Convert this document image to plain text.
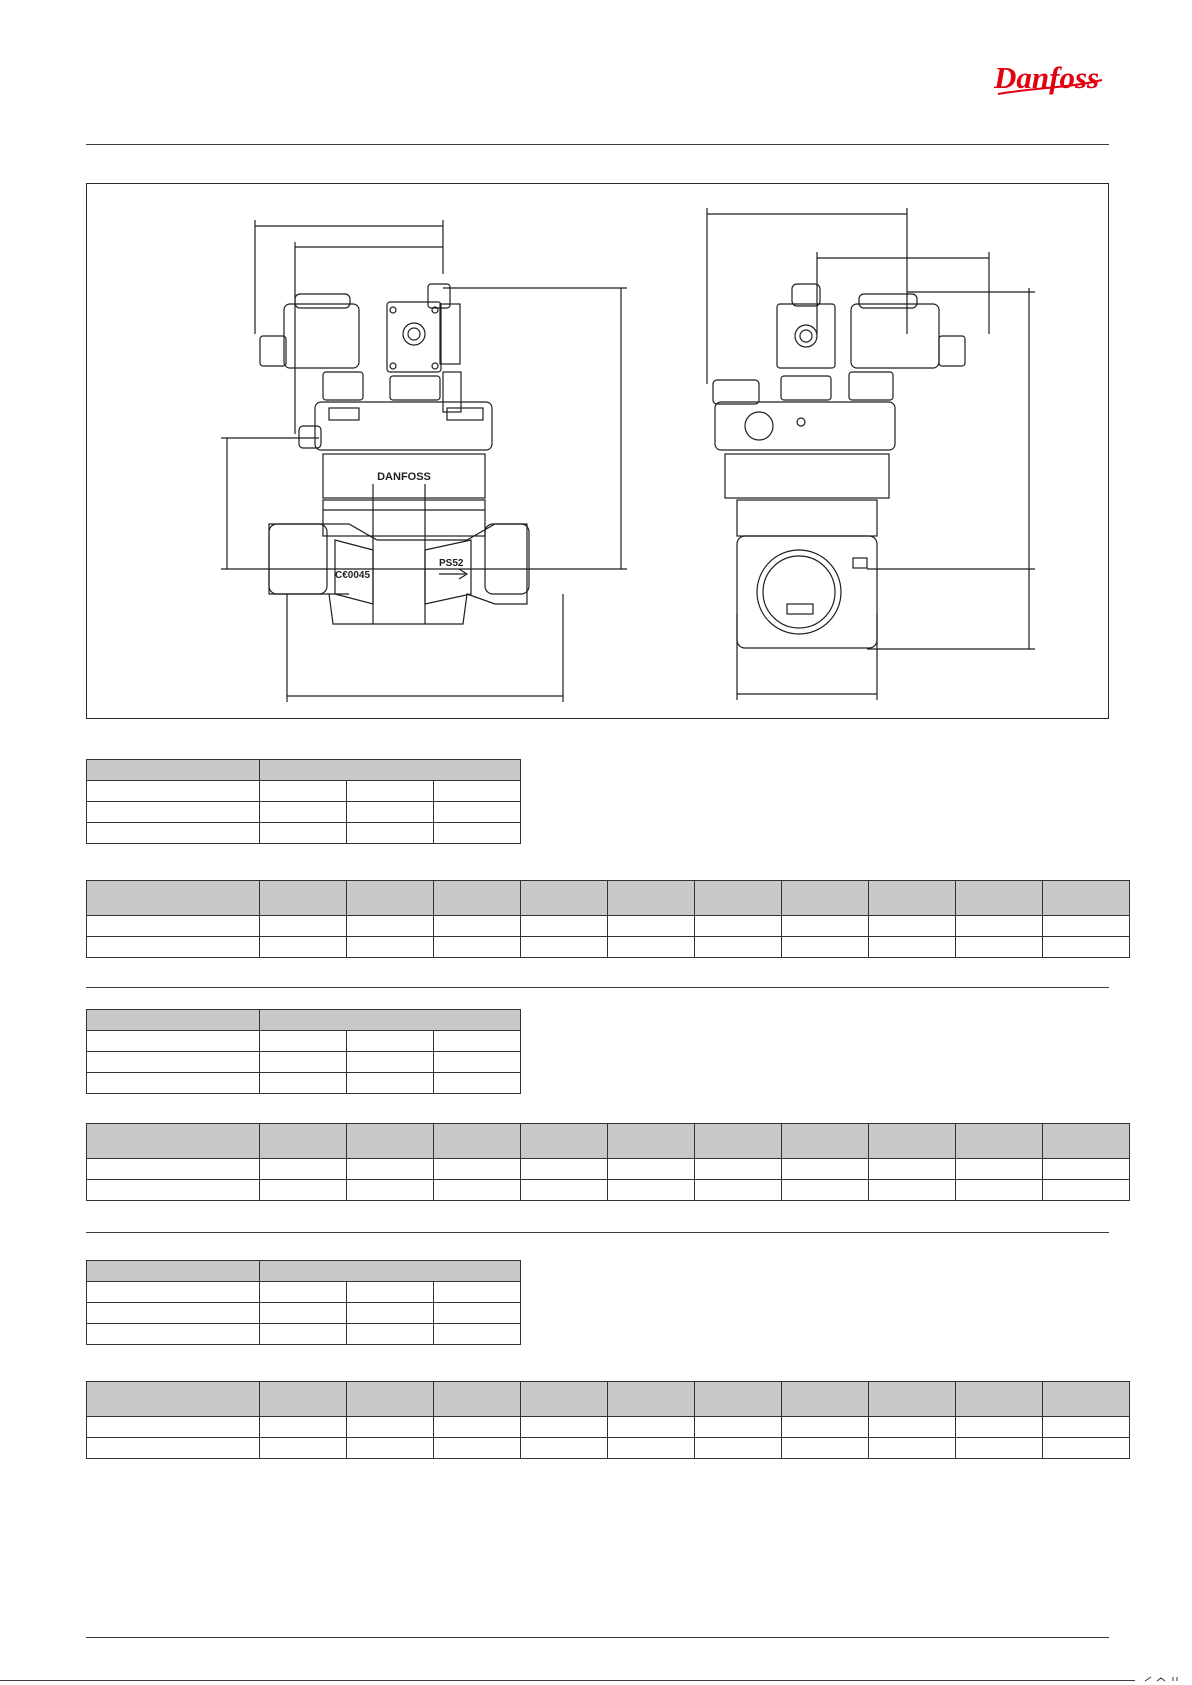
Danfoss
DANFOSS
C€0045
PS52
